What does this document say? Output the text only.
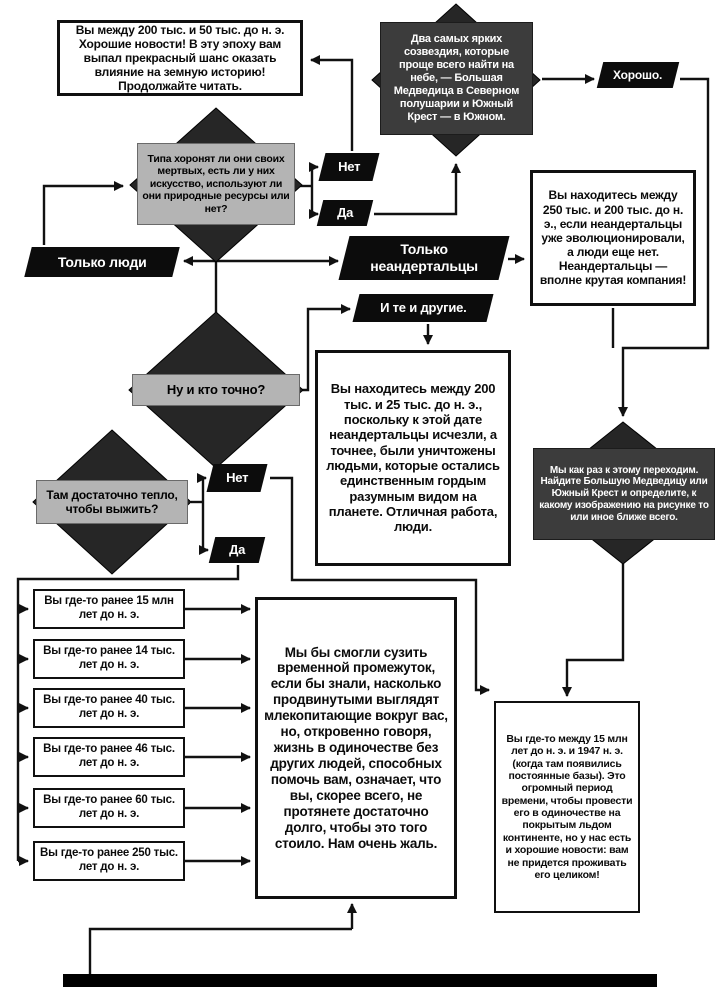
Вы между 200 тыс. и 50 тыс. до н. э. Хорошие новости! В эту эпоху вам выпал прекрасный шанс оказать влияние на земную историю! Продолжайте читать.
Два самых ярких созвездия, которые проще всего найти на небе, — Большая Медведица в Северном полушарии и Южный Крест — в Южном.
Хорошо.
Типа хоронят ли они своих мертвых, есть ли у них искусство, используют ли они природные ресурсы или нет?
Нет
Да
Вы находитесь между 250 тыс. и 200 тыс. до н. э., если неандертальцы уже эволюционировали, а люди еще нет. Неандертальцы — вполне крутая компания!
Только люди
Только неандертальцы
И те и другие.
Ну и кто точно?	Вы находитесь между 200 тыс. и 25 тыс. до н. э., поскольку к этой дате неандертальцы исчезли, а точнее, были уничтожены людьми, которые остались единственным гордым разумным видом на планете. Отличная работа, люди.
Мы как раз к этому переходим. Найдите Большую Медведицу или Южный Крест и определите, к какому изображению на рисунке то или иное ближе всего.
Там достаточно тепло, чтобы выжить?
Нет
Да
Вы где-то ранее 15 млн лет до н. э.
Вы где-то ранее 14 тыс. лет до н. э.
Вы где-то ранее 40 тыс. лет до н. э.
Вы где-то ранее 46 тыс. лет до н. э.
Вы где-то ранее 60 тыс. лет до н. э.
Вы где-то ранее 250 тыс. лет до н. э.
Мы бы смогли сузить временной промежуток, если бы знали, насколько продвинутыми выглядят млекопитающие вокруг вас, но, откровенно говоря, жизнь в одиночестве без других людей, способных помочь вам, означает, что вы, скорее всего, не протянете достаточно долго, чтобы это того стоило. Нам очень жаль.
Вы где-то между 15 млн лет до н. э. и 1947 н. э. (когда там появились постоянные базы). Это огромный период времени, чтобы провести его в одиночестве на покрытым льдом континенте, но у нас есть и хорошие новости: вам не придется проживать его целиком!
